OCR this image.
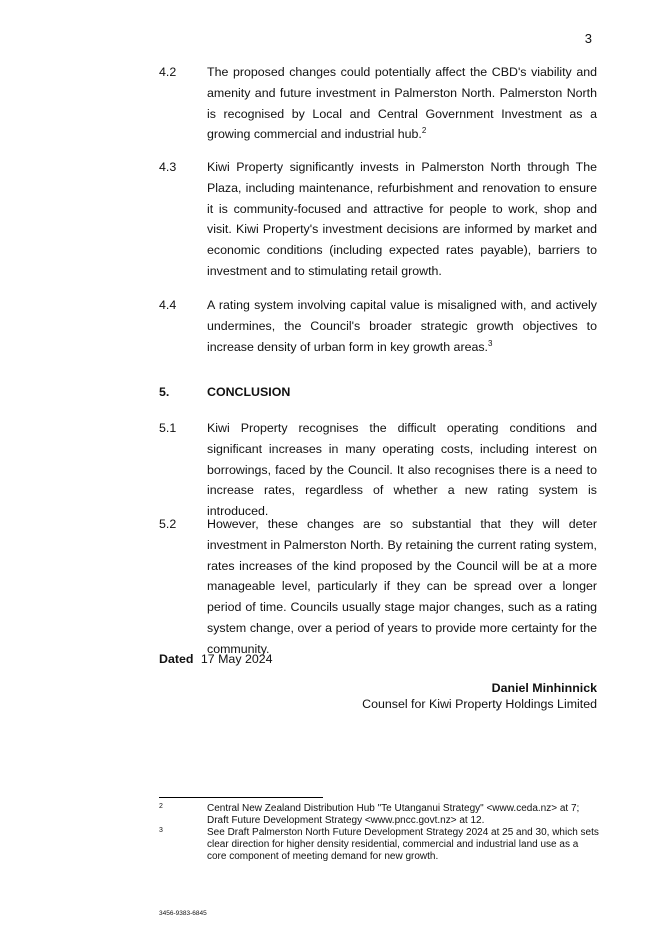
3
4.2 The proposed changes could potentially affect the CBD's viability and amenity and future investment in Palmerston North. Palmerston North is recognised by Local and Central Government Investment as a growing commercial and industrial hub.$^2$
4.3 Kiwi Property significantly invests in Palmerston North through The Plaza, including maintenance, refurbishment and renovation to ensure it is community-focused and attractive for people to work, shop and visit. Kiwi Property's investment decisions are informed by market and economic conditions (including expected rates payable), barriers to investment and to stimulating retail growth.
4.4 A rating system involving capital value is misaligned with, and actively undermines, the Council's broader strategic growth objectives to increase density of urban form in key growth areas.$^3$
5.	CONCLUSION
5.1 Kiwi Property recognises the difficult operating conditions and significant increases in many operating costs, including interest on borrowings, faced by the Council. It also recognises there is a need to increase rates, regardless of whether a new rating system is introduced.
5.2 However, these changes are so substantial that they will deter investment in Palmerston North. By retaining the current rating system, rates increases of the kind proposed by the Council will be at a more manageable level, particularly if they can be spread over a longer period of time. Councils usually stage major changes, such as a rating system change, over a period of years to provide more certainty for the community.
Dated 17 May 2024
Daniel Minhinnick
Counsel for Kiwi Property Holdings Limited
2	Central New Zealand Distribution Hub "Te Utanganui Strategy" <www.ceda.nz> at 7; Draft Future Development Strategy <www.pncc.govt.nz> at 12.
3	See Draft Palmerston North Future Development Strategy 2024 at 25 and 30, which sets clear direction for higher density residential, commercial and industrial land use as a core component of meeting demand for new growth.
3456-9383-6845
